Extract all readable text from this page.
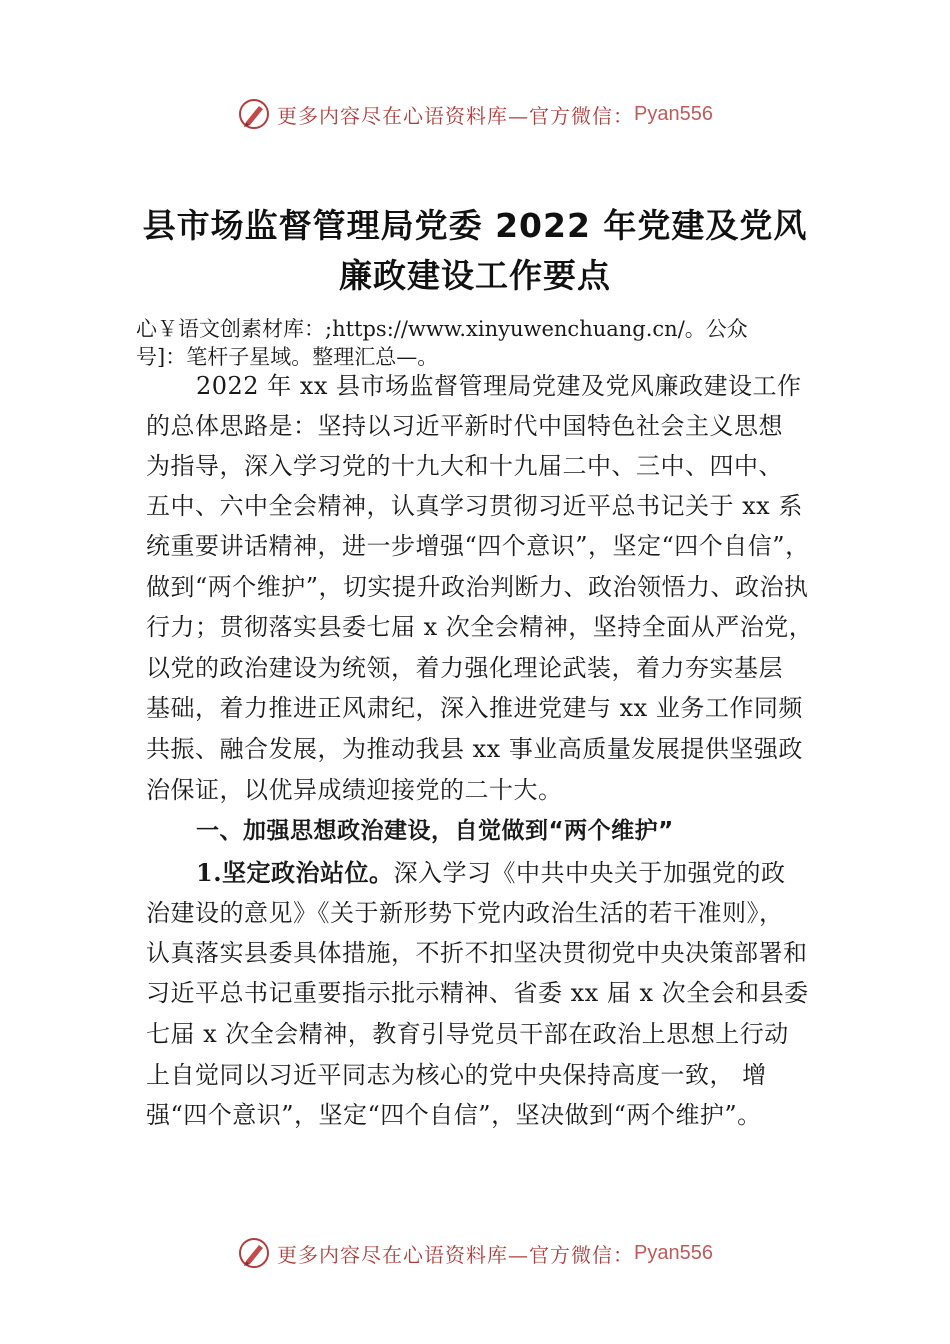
更多内容尽在心语资料库—官方微信： Pyan556
县市场监督管理局党委 2022 年党建及党风
廉政建设工作要点
心￥语文创素材库：;https://www.xinyuwenchuang.cn/。公众
号]：笔杆子星域。整理汇总—。
2022 年 xx 县市场监督管理局党建及党风廉政建设工作
的总体思路是：坚持以习近平新时代中国特色社会主义思想
为指导，深入学习党的十九大和十九届二中、三中、四中、
五中、六中全会精神，认真学习贯彻习近平总书记关于 xx 系
统重要讲话精神，进一步增强“四个意识”，坚定“四个自信”，
做到“两个维护”，切实提升政治判断力、政治领悟力、政治执
行力；贯彻落实县委七届 x 次全会精神，坚持全面从严治党，
以党的政治建设为统领，着力强化理论武装，着力夯实基层
基础，着力推进正风肃纪，深入推进党建与 xx 业务工作同频
共振、融合发展，为推动我县 xx 事业高质量发展提供坚强政
治保证，以优异成绩迎接党的二十大。
一、加强思想政治建设，自觉做到“两个维护”
1.坚定政治站位。深入学习《中共中央关于加强党的政
治建设的意见》《关于新形势下党内政治生活的若干准则》，
认真落实县委具体措施，不折不扣坚决贯彻党中央决策部署和
习近平总书记重要指示批示精神、省委 xx 届 x 次全会和县委
七届 x 次全会精神，教育引导党员干部在政治上思想上行动
上自觉同以习近平同志为核心的党中央保持高度一致， 增
强“四个意识”，坚定“四个自信”，坚决做到“两个维护”。
更多内容尽在心语资料库—官方微信： Pyan556
